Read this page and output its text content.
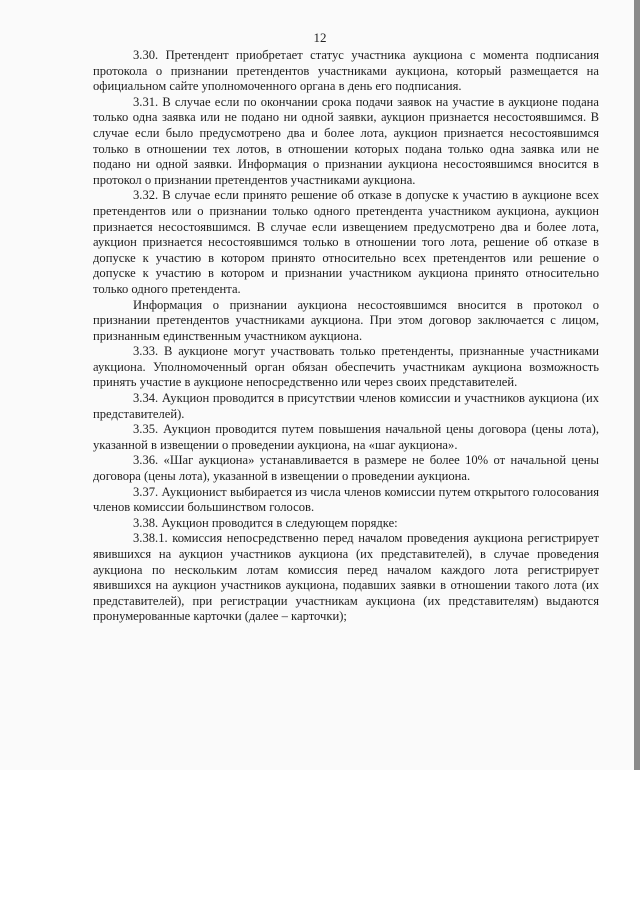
12

3.30. Претендент приобретает статус участника аукциона с момента подписания протокола о признании претендентов участниками аукциона, который размещается на официальном сайте уполномоченного органа в день его подписания.

3.31. В случае если по окончании срока подачи заявок на участие в аукционе подана только одна заявка или не подано ни одной заявки, аукцион признается несостоявшимся. В случае если было предусмотрено два и более лота, аукцион признается несостоявшимся только в отношении тех лотов, в отношении которых подана только одна заявка или не подано ни одной заявки. Информация о признании аукциона несостоявшимся вносится в протокол о признании претендентов участниками аукциона.

3.32. В случае если принято решение об отказе в допуске к участию в аукционе всех претендентов или о признании только одного претендента участником аукциона, аукцион признается несостоявшимся. В случае если извещением предусмотрено два и более лота, аукцион признается несостоявшимся только в отношении того лота, решение об отказе в допуске к участию в котором принято относительно всех претендентов или решение о допуске к участию в котором и признании участником аукциона принято относительно только одного претендента.

Информация о признании аукциона несостоявшимся вносится в протокол о признании претендентов участниками аукциона. При этом договор заключается с лицом, признанным единственным участником аукциона.

3.33. В аукционе могут участвовать только претенденты, признанные участниками аукциона. Уполномоченный орган обязан обеспечить участникам аукциона возможность принять участие в аукционе непосредственно или через своих представителей.

3.34. Аукцион проводится в присутствии членов комиссии и участников аукциона (их представителей).

3.35. Аукцион проводится путем повышения начальной цены договора (цены лота), указанной в извещении о проведении аукциона, на «шаг аукциона».

3.36. «Шаг аукциона» устанавливается в размере не более 10% от начальной цены договора (цены лота), указанной в извещении о проведении аукциона.

3.37. Аукционист выбирается из числа членов комиссии путем открытого голосования членов комиссии большинством голосов.

3.38. Аукцион проводится в следующем порядке:

3.38.1. комиссия непосредственно перед началом проведения аукциона регистрирует явившихся на аукцион участников аукциона (их представителей), в случае проведения аукциона по нескольким лотам комиссия перед началом каждого лота регистрирует явившихся на аукцион участников аукциона, подавших заявки в отношении такого лота (их представителей), при регистрации участникам аукциона (их представителям) выдаются пронумерованные карточки (далее – карточки);
